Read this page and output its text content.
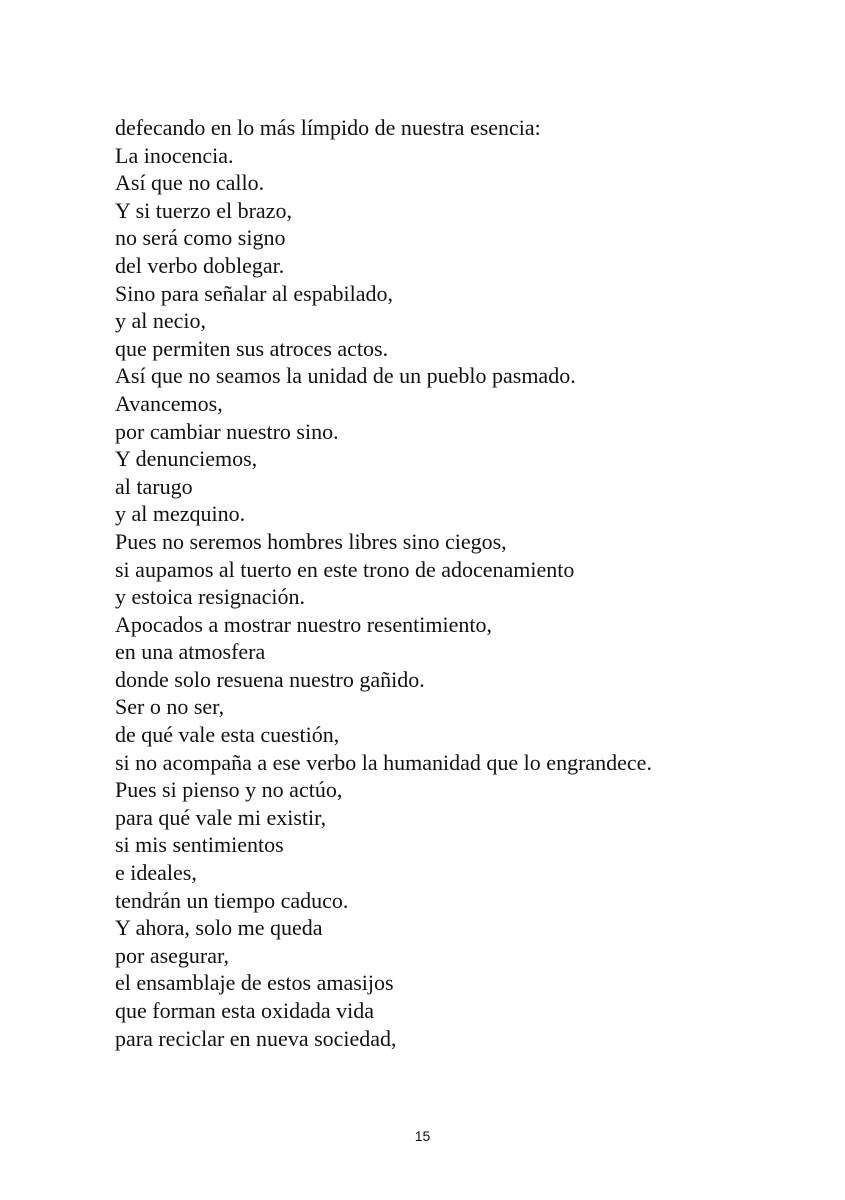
defecando en lo más límpido de nuestra esencia:
La inocencia.
Así que no callo.
Y si tuerzo el brazo,
no será como signo
del verbo doblegar.
Sino para señalar al espabilado,
y al necio,
que permiten sus atroces actos.
Así que no seamos la unidad de un pueblo pasmado.
Avancemos,
por cambiar nuestro sino.
Y denunciemos,
al tarugo
y al mezquino.
Pues no seremos hombres libres sino ciegos,
si aupamos al tuerto en este trono de adocenamiento
y estoica resignación.
Apocados a mostrar nuestro resentimiento,
en una atmosfera
donde solo resuena nuestro gañido.
Ser o no ser,
de qué vale esta cuestión,
si no acompaña a ese verbo la humanidad que lo engrandece.
Pues si pienso y no actúo,
para qué vale mi existir,
si mis sentimientos
e ideales,
tendrán un tiempo caduco.
Y ahora, solo me queda
por asegurar,
el ensamblaje de estos amasijos
que forman esta oxidada vida
para reciclar en nueva sociedad,
15
